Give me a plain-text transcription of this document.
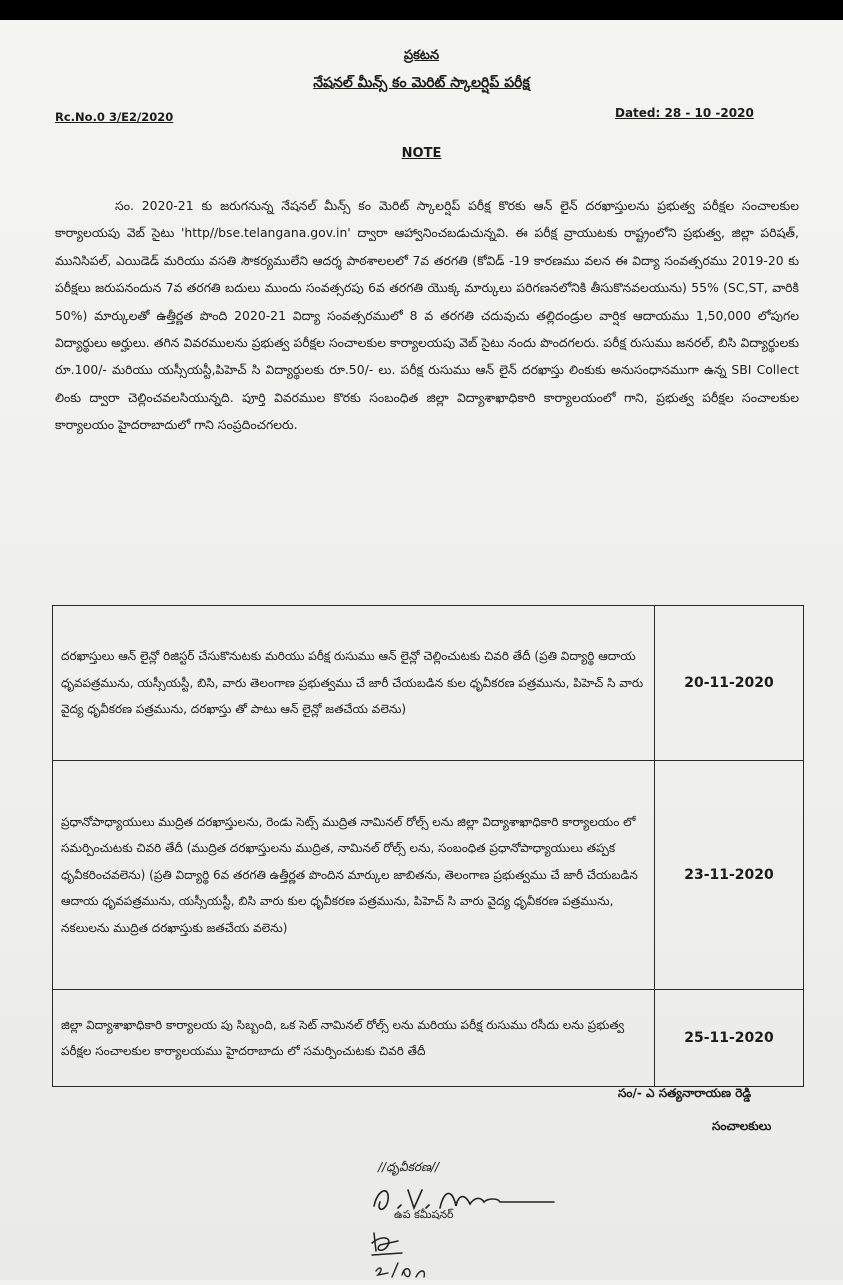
ప్రకటన
నేషనల్ మీన్స్ కం మెరిట్ స్కాలర్షిప్ పరీక్ష
Rc.No.0 3/E2/2020	Dated: 28 - 10 -2020
NOTE
సం. 2020-21 కు జరుగనున్న నేషనల్ మీన్స్ కం మెరిట్ స్కాలర్షిప్ పరీక్ష కొరకు ఆన్ లైన్ దరఖాస్తులను ప్రభుత్వ పరీక్షల సంచాలకుల కార్యాలయపు వెబ్ సైటు 'http//bse.telangana.gov.in' ద్వారా ఆహ్వానించబడుచున్నవి. ఈ పరీక్ష వ్రాయుటకు రాష్ట్రంలోని ప్రభుత్వ, జిల్లా పరిషత్, మునిసిపల్, ఎయిడెడ్ మరియు వసతి సౌకర్యములేని ఆదర్శ పాఠశాలలలో 7వ తరగతి (కోవిడ్ -19 కారణము వలన ఈ విద్యా సంవత్సరము 2019-20 కు పరీక్షలు జరుపనందున 7వ తరగతి బదులు ముందు సంవత్సరపు 6వ తరగతి యొక్క మార్కులు పరిగణనలోనికి తీసుకొనవలయును) 55% (SC,ST, వారికి 50%) మార్కులతో ఉత్తీర్ణత పొంది 2020-21 విద్యా సంవత్సరములో 8 వ తరగతి చదువుచు తల్లిదండ్రుల వార్షిక ఆదాయము 1,50,000 లోపుగల విద్యార్థులు అర్హులు. తగిన వివరములను ప్రభుత్వ పరీక్షల సంచాలకుల కార్యాలయపు వెబ్ సైటు నందు పొందగలరు. పరీక్ష రుసుము జనరల్, బిసి విద్యార్థులకు రూ.100/- మరియు యస్సీయస్టీ,పిహెచ్ సి విద్యార్థులకు రూ.50/- లు. పరీక్ష రుసుము ఆన్ లైన్ దరఖాస్తు లింకుకు అనుసంధానముగా ఉన్న SBI Collect లింకు ద్వారా చెల్లించవలసియున్నది. పూర్తి వివరముల కొరకు సంబంధిత జిల్లా విద్యాశాఖాధికారి కార్యాలయంలో గాని, ప్రభుత్వ పరీక్షల సంచాలకుల కార్యాలయం హైదరాబాదులో గాని సంప్రదించగలరు.
దరఖాస్తులు ఆన్ లైన్లో రిజిస్టర్ చేసుకొనుటకు మరియు పరీక్ష రుసుము ఆన్ లైన్లో చెల్లించుటకు చివరి తేదీ (ప్రతి విద్యార్థి ఆదాయ ధృవపత్రమును, యస్సీయస్టీ, బిసి, వారు తెలంగాణ ప్రభుత్వము చే జారీ చేయబడిన కుల ధృవీకరణ పత్రమును, పిహెచ్ సి వారు వైద్య ధృవీకరణ పత్రమును, దరఖాస్తు తో పాటు ఆన్ లైన్లో జతచేయ వలెను)	20-11-2020
ప్రధానోపాధ్యాయులు ముద్రిత దరఖాస్తులను, రెండు సెట్స్ ముద్రిత నామినల్ రోల్స్ లను జిల్లా విద్యాశాఖాధికారి కార్యాలయం లో సమర్పించుటకు చివరి తేదీ (ముద్రిత దరఖాస్తులను ముద్రిత, నామినల్ రోల్స్ లను, సంబంధిత ప్రధానోపాధ్యాయులు తప్పక ధృవీకరించవలెను) (ప్రతి విద్యార్థి 6వ తరగతి ఉత్తీర్ణత పొందిన మార్కుల జాబితను, తెలంగాణ ప్రభుత్వము చే జారీ చేయబడిన ఆదాయ ధృవపత్రమును, యస్సీయస్టీ, బిసి వారు కుల ధృవీకరణ పత్రమును, పిహెచ్ సి వారు వైద్య ధృవీకరణ పత్రమును, నకలులను ముద్రిత దరఖాస్తుకు జతచేయ వలెను)	23-11-2020
జిల్లా విద్యాశాఖాధికారి కార్యాలయ పు సిబ్బంది, ఒక సెట్ నామినల్ రోల్స్ లను మరియు పరీక్ష రుసుము రసీదు లను ప్రభుత్వ పరీక్షల సంచాలకుల కార్యాలయము హైదరాబాదు లో సమర్పించుటకు చివరి తేదీ	25-11-2020
సం/- ఎ సత్యనారాయణ రెడ్డి
సంచాలకులు
//ధృవీకరణ//
ఉప కమీషనర్
